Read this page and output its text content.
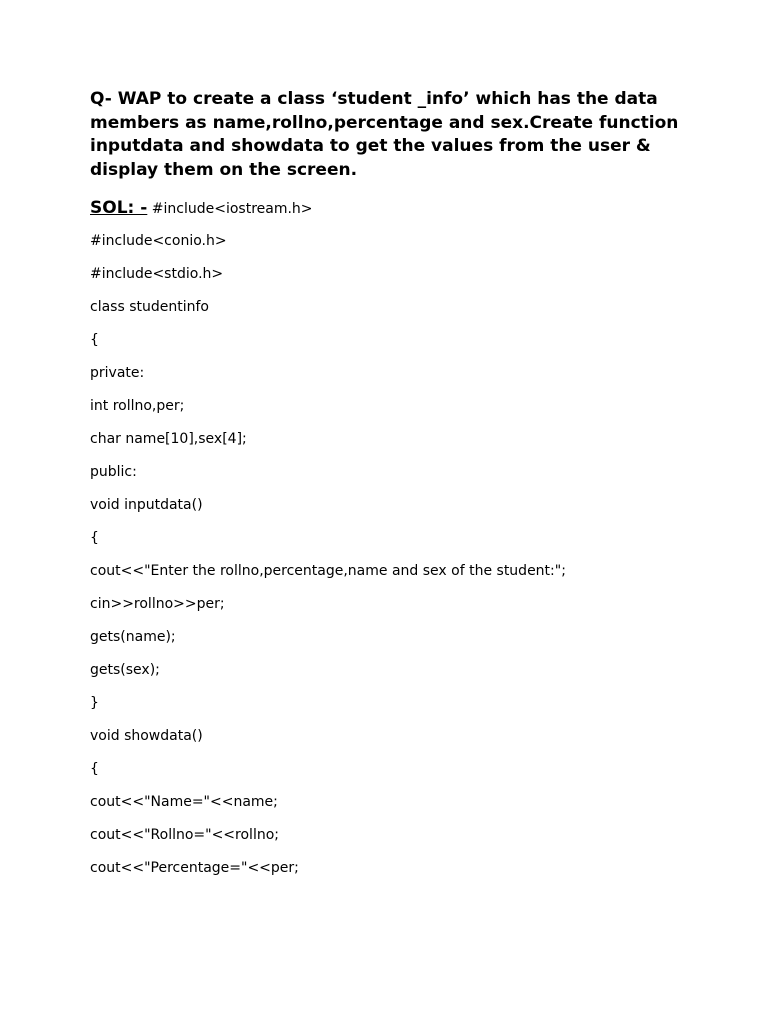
Q- WAP to create a class ‘student _info’ which has the data members as name,rollno,percentage and sex.Create function inputdata and showdata to get the values from the user & display them on the screen.

SOL: - #include<iostream.h>
#include<conio.h>
#include<stdio.h>
class studentinfo
{
private:
int rollno,per;
char name[10],sex[4];
public:
void inputdata()
{
cout<<"Enter the rollno,percentage,name and sex of the student:";
cin>>rollno>>per;
gets(name);
gets(sex);
}
void showdata()
{
cout<<"Name="<<name;
cout<<"Rollno="<<rollno;
cout<<"Percentage="<<per;
